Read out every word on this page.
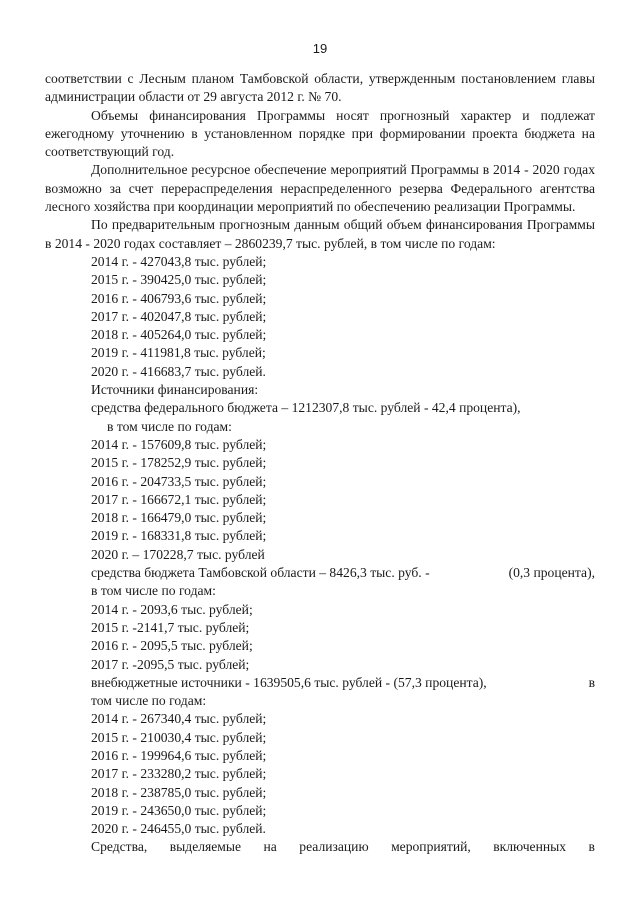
19

соответствии с Лесным планом Тамбовской области, утвержденным постановлением главы администрации области от 29 августа 2012 г. № 70.

Объемы финансирования Программы носят прогнозный характер и подлежат ежегодному уточнению в установленном порядке при формировании проекта бюджета на соответствующий год.

Дополнительное ресурсное обеспечение мероприятий Программы в 2014 - 2020 годах возможно за счет перераспределения нераспределенного резерва Федерального агентства лесного хозяйства при координации мероприятий по обеспечению реализации Программы.

По предварительным прогнозным данным общий объем финансирования Программы в 2014 - 2020 годах составляет – 2860239,7 тыс. рублей, в том числе по годам:

2014 г. - 427043,8 тыс. рублей;
2015 г. - 390425,0 тыс. рублей;
2016 г. - 406793,6 тыс. рублей;
2017 г. - 402047,8 тыс. рублей;
2018 г. - 405264,0 тыс. рублей;
2019 г. - 411981,8 тыс. рублей;
2020 г. - 416683,7 тыс. рублей.
Источники финансирования:
средства федерального бюджета – 1212307,8 тыс. рублей - 42,4 процента),
в том числе по годам:
2014 г. - 157609,8 тыс. рублей;
2015 г. - 178252,9 тыс. рублей;
2016 г. - 204733,5 тыс. рублей;
2017 г. - 166672,1 тыс. рублей;
2018 г. - 166479,0 тыс. рублей;
2019 г. - 168331,8 тыс. рублей;
2020 г. – 170228,7 тыс. рублей
средства бюджета Тамбовской области – 8426,3 тыс. руб. -	(0,3 процента),
в том числе по годам:
2014 г. - 2093,6 тыс. рублей;
2015 г. -2141,7 тыс. рублей;
2016 г. - 2095,5 тыс. рублей;
2017 г. -2095,5 тыс. рублей;
внебюджетные источники - 1639505,6 тыс. рублей - (57,3 процента),	в
том числе по годам:
2014 г. - 267340,4 тыс. рублей;
2015 г. - 210030,4 тыс. рублей;
2016 г. - 199964,6 тыс. рублей;
2017 г. - 233280,2 тыс. рублей;
2018 г. - 238785,0 тыс. рублей;
2019 г. - 243650,0 тыс. рублей;
2020 г. - 246455,0 тыс. рублей.
Средства, выделяемые на реализацию мероприятий, включенных в
